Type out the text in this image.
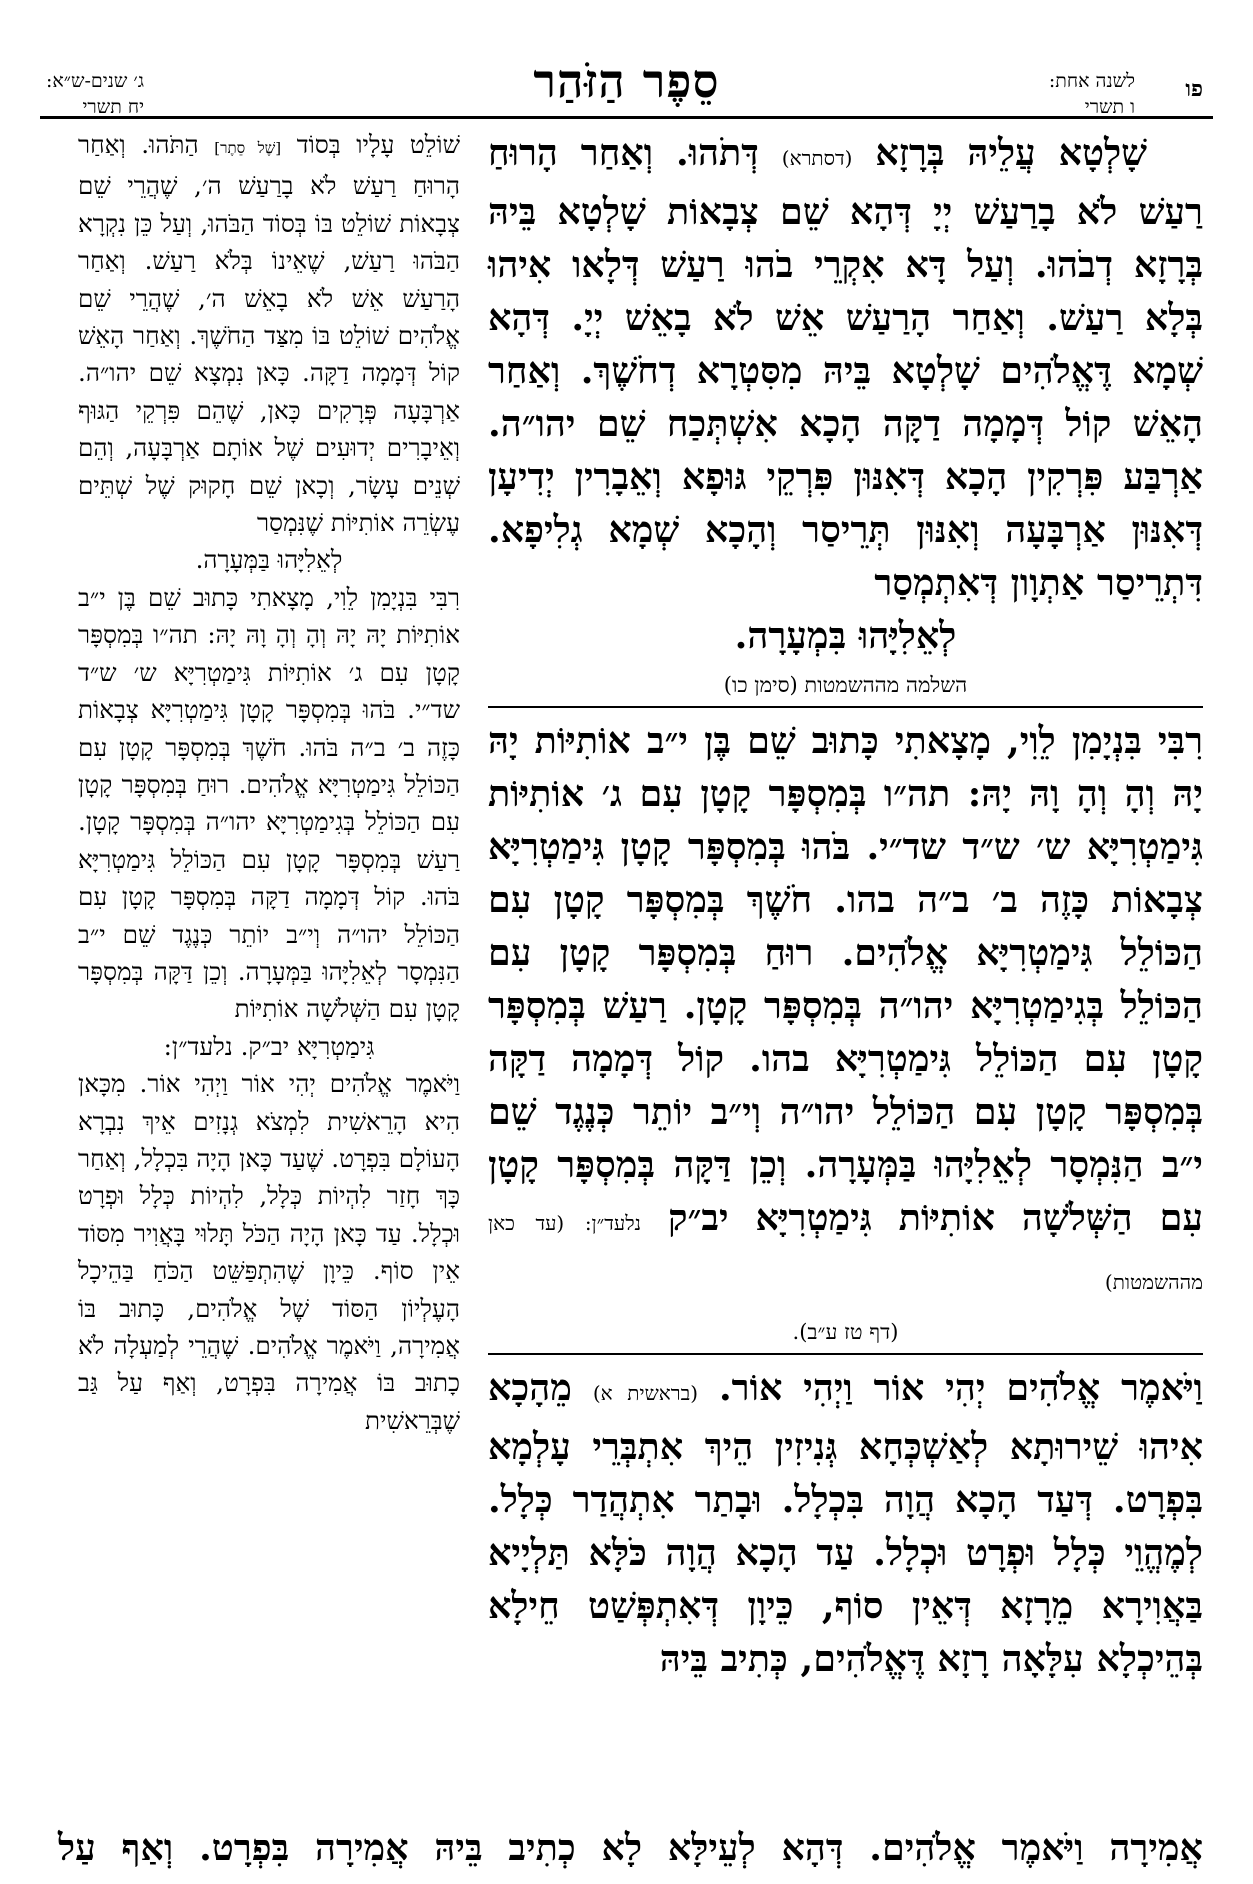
פו
לשנה אחת:
ו תשרי
סֵפֶר הַזֹּהַר
ג׳ שנים-ש״א:
יח תשרי

שָׁלְטָא עֲלֵיהּ בְּרָזָא (דסתרא) דְּתֹהוּ. וְאַחַר הָרוּחַ רַעַשׁ לֹא בָרַעַשׁ יְיָ דְּהָא שֵׁם צְבָאוֹת שָׁלְטָא בֵּיהּ בְּרָזָא דְבֹהוּ. וְעַל דָּא אִקְרֵי בֹהוּ רַעַשׁ דְּלָאו אִיהוּ בְּלָא רַעַשׁ. וְאַחַר הָרַעַשׁ אֵשׁ לֹא בָאֵשׁ יְיָ. דְּהָא שְׁמָא דֶּאֱלֹהִים שָׁלְטָא בֵּיהּ מִסִּטְרָא דְחֹשֶׁךְ. וְאַחַר הָאֵשׁ קוֹל דְּמָמָה דַקָּה הָכָא אִשְׁתְּכַח שֵׁם יהו״ה. אַרְבַּע פִּרְקִין הָכָא דְּאִנּוּן פִּרְקֵי גּוּפָא וְאֵבָרִין יְדִיעָן דְּאִנּוּן אַרְבָּעָה וְאִנּוּן תְּרֵיסַר וְהָכָא שְׁמָא גְלִיפָא. דִּתְרֵיסַר אַתְוָון דְּאִתְמְסַר

לְאֵלִיָּהוּ בִּמְעָרָה.

השלמה מההשמטות (סימן כו)

רִבִּי בִּנְיָמִן לֵוִי, מָצָאתִי כָּתוּב שֵׁם בֶּן י״ב אוֹתִיּוֹת יָהּ יָהּ וְהָ וְהָ וָהּ יָהּ: תה״ו בְּמִסְפָּר קָטָן עִם ג׳ אוֹתִיּוֹת גִּימַטְרִיָּא ש׳ ש״ד שד״י. בֹּהוּ בְּמִסְפָּר קָטָן גִּימַטְרִיָּא צְבָאוֹת כָּזֶה ב׳ ב״ה בהו. חֹשֶׁךְ בְּמִסְפָּר קָטָן עִם הַכּוֹלֵל גִּימַטְרִיָּא אֱלֹהִים. רוּחַ בְּמִסְפָּר קָטָן עִם הַכּוֹלֵל בְּגִימַטְרִיָּא יהו״ה בְּמִסְפָּר קָטָן. רַעַשׁ בְּמִסְפָּר קָטָן עִם הַכּוֹלֵל גִּימַטְרִיָּא בהו. קוֹל דְּמָמָה דַקָּה בְּמִסְפָּר קָטָן עִם הַכּוֹלֵל יהו״ה וְי״ב יוֹתֵר כְּנֶגֶד שֵׁם י״ב הַנִּמְסָר לְאֵלִיָּהוּ בַּמְּעָרָה. וְכֵן דַּקָּה בְּמִסְפָּר קָטָן עִם הַשְּׁלֹשָׁה אוֹתִיּוֹת גִּימַטְרִיָּא יב״ק נלעד״ן: (עד כאן מההשמטות)

(דף טז ע״ב).

וַיֹּאמֶר אֱלֹהִים יְהִי אוֹר וַיְהִי אוֹר. (בראשית א) מֵהָכָא אִיהוּ שֵׁירוּתָא לְאַשְׁכְּחָא גְּנִיזִין הֵיךְ אִתְבְּרֵי עָלְמָא בִּפְרָט. דְּעַד הָכָא הֲוָה בִּכְלָל. וּבָתַר אִתְהֲדַר כְּלָל. לְמֶהֱוֵי כְּלָל וּפְרָט וּכְלָל. עַד הָכָא הֲוָה כֹּלָּא תַּלְיָיא בַּאֲוִירָא מֵרָזָא דְּאֵין סוֹף, כֵּיוָן דְּאִתְפְּשַׁט חֵילָא בְּהֵיכְלָא עִלָּאָה רָזָא דֶּאֱלֹהִים, כְּתִיב בֵּיהּ

שׁוֹלֵט עָלָיו בְּסוֹד [שֶׁל סֵתֶר] הַתֹּהוּ. וְאַחַר הָרוּחַ רַעַשׁ לֹא בָרַעַשׁ ה׳, שֶׁהֲרֵי שֵׁם צְבָאוֹת שׁוֹלֵט בּוֹ בְּסוֹד הַבֹּהוּ, וְעַל כֵּן נִקְרָא הַבֹּהוּ רַעַשׁ, שֶׁאֵינוֹ בְּלֹא רַעַשׁ. וְאַחַר הָרַעַשׁ אֵשׁ לֹא בָאֵשׁ ה׳, שֶׁהֲרֵי שֵׁם אֱלֹהִים שׁוֹלֵט בּוֹ מִצַּד הַחֹשֶׁךְ. וְאַחַר הָאֵשׁ קוֹל דְּמָמָה דַקָּה. כָּאן נִמְצָא שֵׁם יהו״ה. אַרְבָּעָה פְּרָקִים כָּאן, שֶׁהֵם פִּרְקֵי הַגּוּף וְאֵיבָרִים יְדוּעִים שֶׁל אוֹתָם אַרְבָּעָה, וְהֵם שְׁנֵים עָשָׂר, וְכָאן שֵׁם חָקוּק שֶׁל שְׁתֵּים עֶשְׂרֵה אוֹתִיּוֹת שֶׁנִּמְסַר

לְאֵלִיָּהוּ בַּמְּעָרָה.

רִבִּי בִּנְיָמִן לֵוִי, מָצָאתִי כָּתוּב שֵׁם בֶּן י״ב אוֹתִיּוֹת יָהּ יָהּ וְהָ וְהָ וָהּ יָהּ: תה״ו בְּמִסְפָּר קָטָן עִם ג׳ אוֹתִיּוֹת גִּימַטְרִיָּא ש׳ ש״ד שד״י. בֹּהוּ בְּמִסְפָּר קָטָן גִּימַטְרִיָּא צְבָאוֹת כָּזֶה ב׳ ב״ה בֹּהוּ. חֹשֶׁךְ בְּמִסְפָּר קָטָן עִם הַכּוֹלֵל גִּימַטְרִיָּא אֱלֹהִים. רוּחַ בְּמִסְפָּר קָטָן עִם הַכּוֹלֵל בְּגִימַטְרִיָּא יהו״ה בְּמִסְפָּר קָטָן. רַעַשׁ בְּמִסְפָּר קָטָן עִם הַכּוֹלֵל גִּימַטְרִיָּא בֹּהוּ. קוֹל דְּמָמָה דַקָּה בְּמִסְפָּר קָטָן עִם הַכּוֹלֵל יהו״ה וְי״ב יוֹתֵר כְּנֶגֶד שֵׁם י״ב הַנִּמְסָר לְאֵלִיָּהוּ בַּמְּעָרָה. וְכֵן דַּקָּה בְּמִסְפָּר קָטָן עִם הַשְּׁלֹשָׁה אוֹתִיּוֹת

גִּימַטְרִיָּא יב״ק. נלעד״ן:

וַיֹּאמֶר אֱלֹהִים יְהִי אוֹר וַיְהִי אוֹר. מִכָּאן הִיא הָרֵאשִׁית לִמְצֹא גְנָזִים אֵיךְ נִבְרָא הָעוֹלָם בִּפְרָט. שֶׁעַד כָּאן הָיָה בִּכְלָל, וְאַחַר כָּךְ חָזַר לִהְיוֹת כְּלָל, לִהְיוֹת כְּלָל וּפְרָט וּכְלָל. עַד כָּאן הָיָה הַכֹּל תָּלוּי בָּאֲוִיר מִסּוֹד אֵין סוֹף. כֵּיוָן שֶׁהִתְפַּשֵּׁט הַכֹּחַ בַּהֵיכָל הָעֶלְיוֹן הַסּוֹד שֶׁל אֱלֹהִים, כָּתוּב בּוֹ אֲמִירָה, וַיֹּאמֶר אֱלֹהִים. שֶׁהֲרֵי לְמַעְלָה לֹא כָתוּב בּוֹ אֲמִירָה בִּפְרָט, וְאַף עַל גַּב שֶׁבְּרֵאשִׁית

אֲמִירָה וַיֹּאמֶר אֱלֹהִים. דְּהָא לְעֵילָּא לָא כְתִיב בֵּיהּ אֲמִירָה בִּפְרָט. וְאַף עַל
